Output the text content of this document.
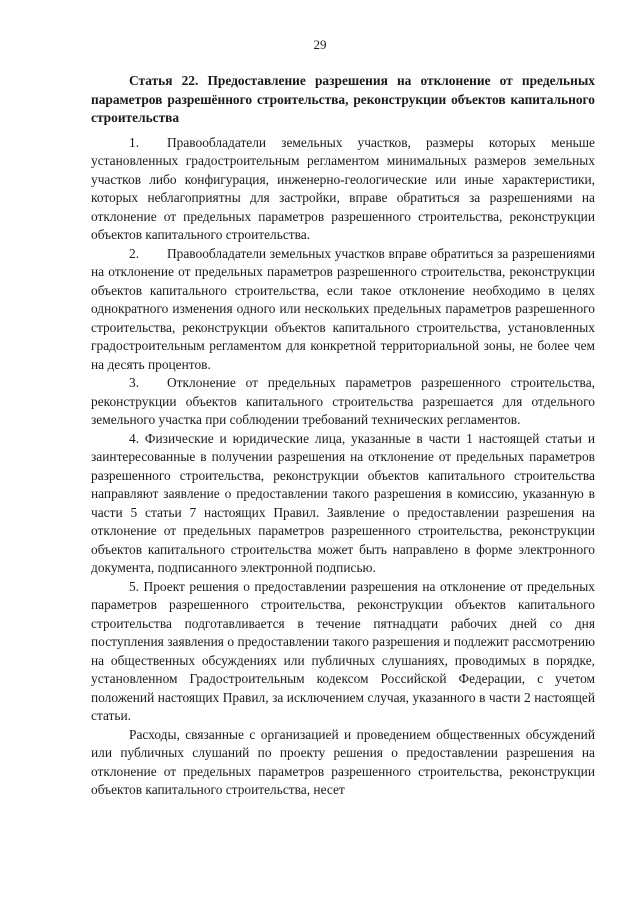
29

Статья 22. Предоставление разрешения на отклонение от предельных параметров разрешённого строительства, реконструкции объектов капитального строительства

1. Правообладатели земельных участков, размеры которых меньше установленных градостроительным регламентом минимальных размеров земельных участков либо конфигурация, инженерно-геологические или иные характеристики, которых неблагоприятны для застройки, вправе обратиться за разрешениями на отклонение от предельных параметров разрешенного строительства, реконструкции объектов капитального строительства.

2. Правообладатели земельных участков вправе обратиться за разрешениями на отклонение от предельных параметров разрешенного строительства, реконструкции объектов капитального строительства, если такое отклонение необходимо в целях однократного изменения одного или нескольких предельных параметров разрешенного строительства, реконструкции объектов капитального строительства, установленных градостроительным регламентом для конкретной территориальной зоны, не более чем на десять процентов.

3. Отклонение от предельных параметров разрешенного строительства, реконструкции объектов капитального строительства разрешается для отдельного земельного участка при соблюдении требований технических регламентов.

4. Физические и юридические лица, указанные в части 1 настоящей статьи и заинтересованные в получении разрешения на отклонение от предельных параметров разрешенного строительства, реконструкции объектов капитального строительства направляют заявление о предоставлении такого разрешения в комиссию, указанную в части 5 статьи 7 настоящих Правил. Заявление о предоставлении разрешения на отклонение от предельных параметров разрешенного строительства, реконструкции объектов капитального строительства может быть направлено в форме электронного документа, подписанного электронной подписью.

5. Проект решения о предоставлении разрешения на отклонение от предельных параметров разрешенного строительства, реконструкции объектов капитального строительства подготавливается в течение пятнадцати рабочих дней со дня поступления заявления о предоставлении такого разрешения и подлежит рассмотрению на общественных обсуждениях или публичных слушаниях, проводимых в порядке, установленном Градостроительным кодексом Российской Федерации, с учетом положений настоящих Правил, за исключением случая, указанного в части 2 настоящей статьи.

Расходы, связанные с организацией и проведением общественных обсуждений или публичных слушаний по проекту решения о предоставлении разрешения на отклонение от предельных параметров разрешенного строительства, реконструкции объектов капитального строительства, несет
